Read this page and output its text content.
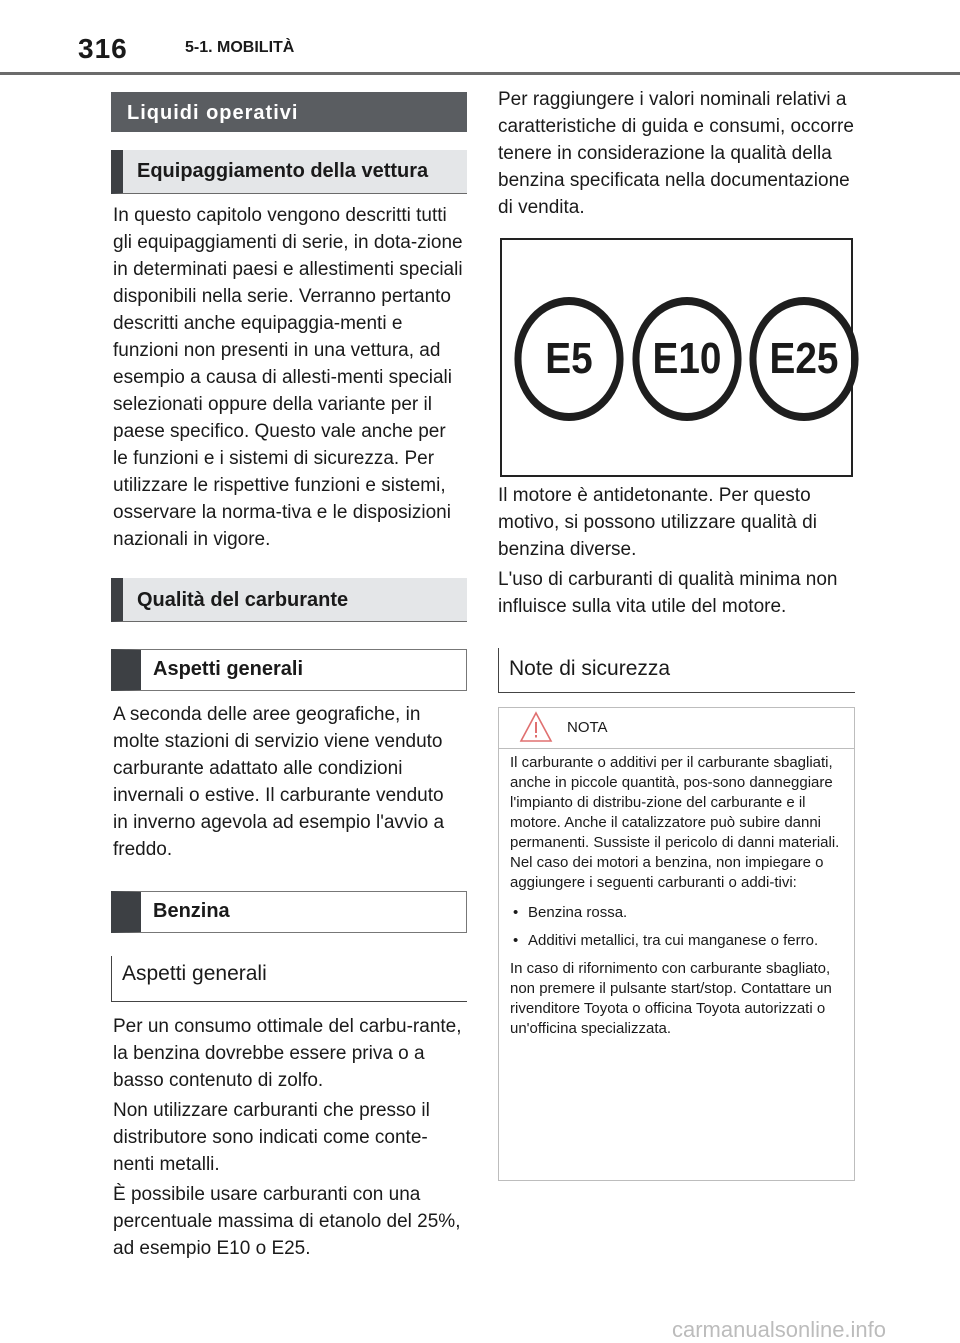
316	5-1. MOBILITÀ
Liquidi operativi
Equipaggiamento della vettura

In questo capitolo vengono descritti tutti gli equipaggiamenti di serie, in dota-zione in determinati paesi e allestimenti speciali disponibili nella serie. Verranno pertanto descritti anche equipaggia-menti e funzioni non presenti in una vettura, ad esempio a causa di allesti-menti speciali selezionati oppure della variante per il paese specifico. Questo vale anche per le funzioni e i sistemi di sicurezza. Per utilizzare le rispettive funzioni e sistemi, osservare la norma-tiva e le disposizioni nazionali in vigore.

Qualità del carburante
Aspetti generali

A seconda delle aree geografiche, in molte stazioni di servizio viene venduto carburante adattato alle condizioni invernali o estive. Il carburante venduto in inverno agevola ad esempio l'avvio a freddo.

Benzina
Aspetti generali

Per un consumo ottimale del carbu-rante, la benzina dovrebbe essere priva o a basso contenuto di zolfo.

Non utilizzare carburanti che presso il distributore sono indicati come conte-nenti metalli.

È possibile usare carburanti con una percentuale massima di etanolo del 25%, ad esempio E10 o E25.

Per raggiungere i valori nominali relativi a caratteristiche di guida e consumi, occorre tenere in considerazione la qualità della benzina specificata nella documentazione di vendita.

E5	E10	E25

Il motore è antidetonante. Per questo motivo, si possono utilizzare qualità di benzina diverse.

L'uso di carburanti di qualità minima non influisce sulla vita utile del motore.

Note di sicurezza
NOTA

Il carburante o additivi per il carburante sbagliati, anche in piccole quantità, pos-sono danneggiare l'impianto di distribu-zione del carburante e il motore. Anche il catalizzatore può subire danni permanenti. Sussiste il pericolo di danni materiali. Nel caso dei motori a benzina, non impiegare o aggiungere i seguenti carburanti o addi-tivi:

• Benzina rossa.
• Additivi metallici, tra cui manganese o ferro.

In caso di rifornimento con carburante sbagliato, non premere il pulsante start/stop. Contattare un rivenditore Toyota o officina Toyota autorizzati o un'officina specializzata.

carmanualsonline.info
